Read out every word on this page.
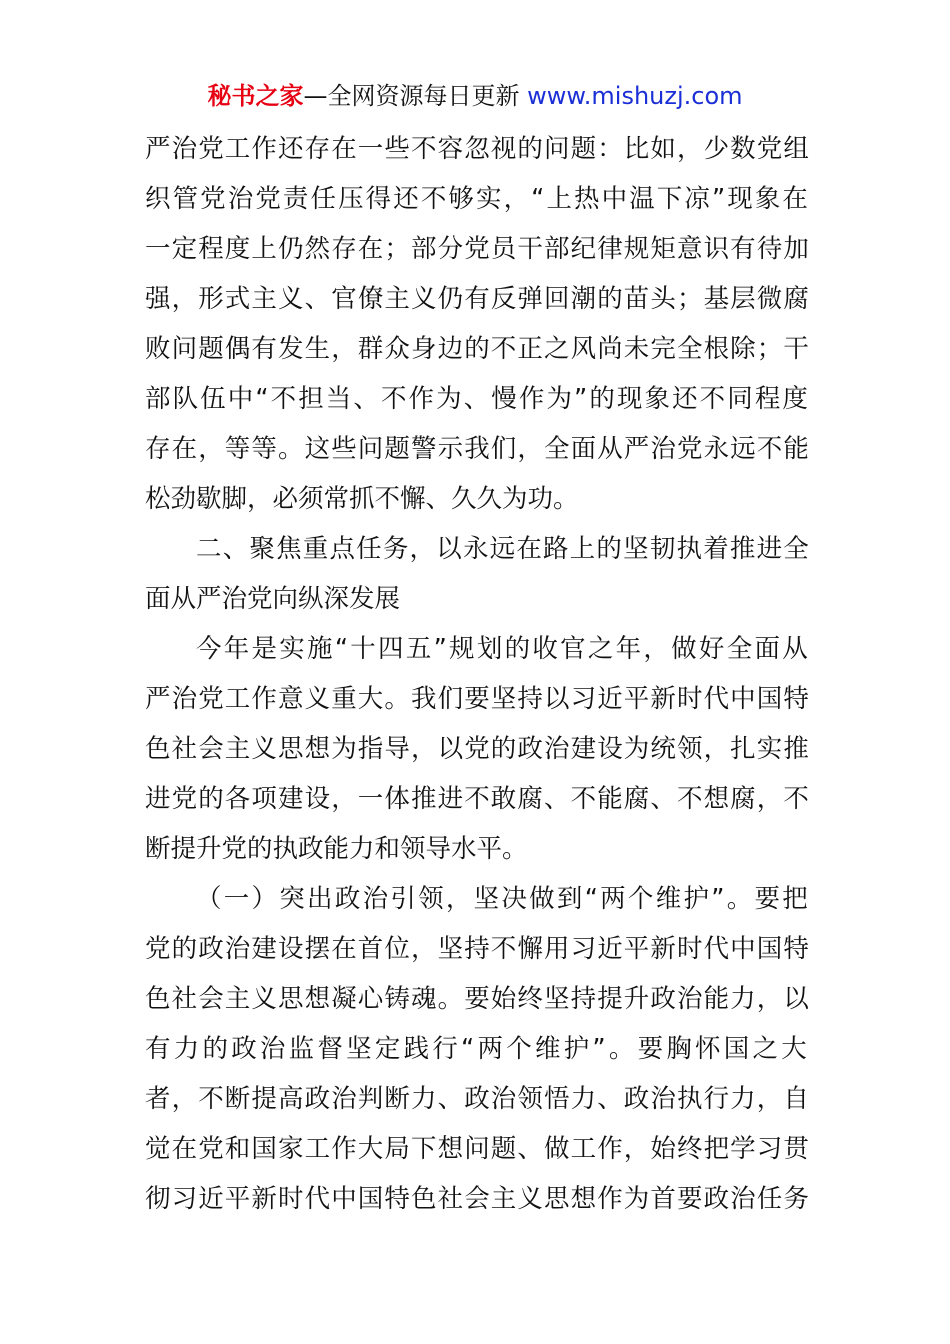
秘书之家—全网资源每日更新 www.mishuzj.com
严治党工作还存在一些不容忽视的问题：比如，少数党组
织管党治党责任压得还不够实，“上热中温下凉”现象在
一定程度上仍然存在；部分党员干部纪律规矩意识有待加
强，形式主义、官僚主义仍有反弹回潮的苗头；基层微腐
败问题偶有发生，群众身边的不正之风尚未完全根除；干
部队伍中“不担当、不作为、慢作为”的现象还不同程度
存在，等等。这些问题警示我们，全面从严治党永远不能
松劲歇脚，必须常抓不懈、久久为功。
二、聚焦重点任务，以永远在路上的坚韧执着推进全
面从严治党向纵深发展
今年是实施“十四五”规划的收官之年，做好全面从
严治党工作意义重大。我们要坚持以习近平新时代中国特
色社会主义思想为指导，以党的政治建设为统领，扎实推
进党的各项建设，一体推进不敢腐、不能腐、不想腐，不
断提升党的执政能力和领导水平。
（一）突出政治引领，坚决做到“两个维护”。要把
党的政治建设摆在首位，坚持不懈用习近平新时代中国特
色社会主义思想凝心铸魂。要始终坚持提升政治能力，以
有力的政治监督坚定践行“两个维护”。要胸怀国之大
者，不断提高政治判断力、政治领悟力、政治执行力，自
觉在党和国家工作大局下想问题、做工作，始终把学习贯
彻习近平新时代中国特色社会主义思想作为首要政治任务
